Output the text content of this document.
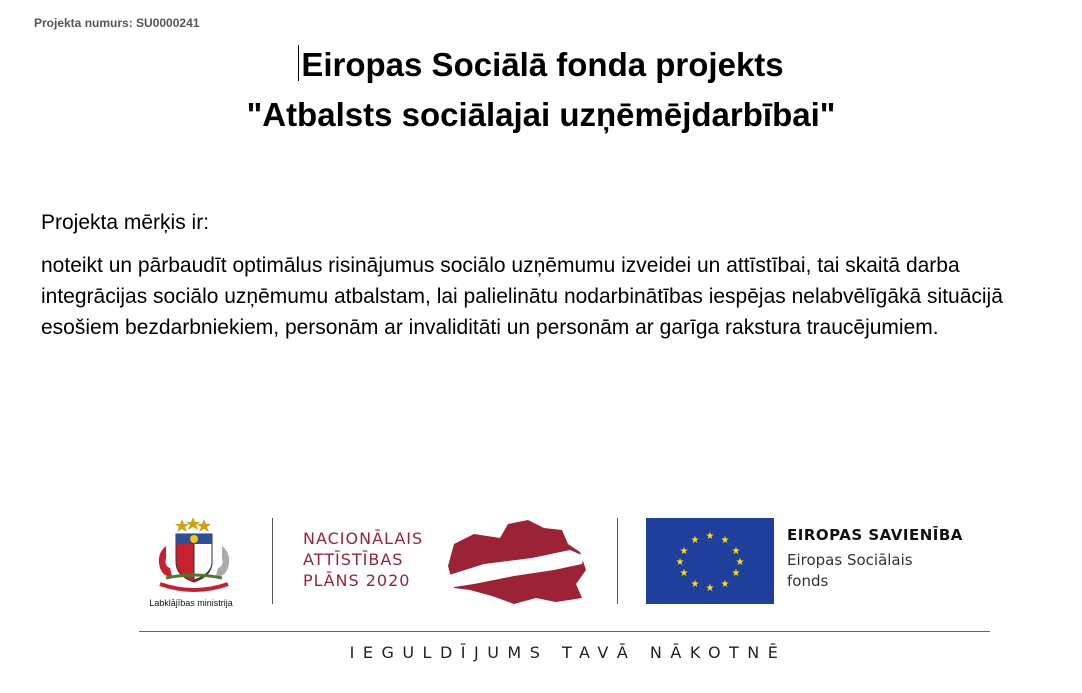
Projekta numurs: SU0000241
Eiropas Sociālā fonda projekts
"Atbalsts sociālajai uzņēmējdarbībai"
Projekta mērķis ir:
noteikt un pārbaudīt optimālus risinājumus sociālo uzņēmumu izveidei un attīstībai, tai skaitā darba integrācijas sociālo uzņēmumu atbalstam, lai palielinātu nodarbinātības iespējas nelabvēlīgākā situācijā esošiem bezdarbniekiem, personām ar invaliditāti un personām ar garīga rakstura traucējumiem.
Labklājības ministrija
NACIONĀLAIS
ATTĪSTĪBAS
PLĀNS 2020
★ ★
★
★
★
★
★
★
★
★
★
★	EIROPAS SAVIENĪBA
Eiropas Sociālais fonds
IEGULDĪJUMS TAVĀ NĀKOTNĒ
